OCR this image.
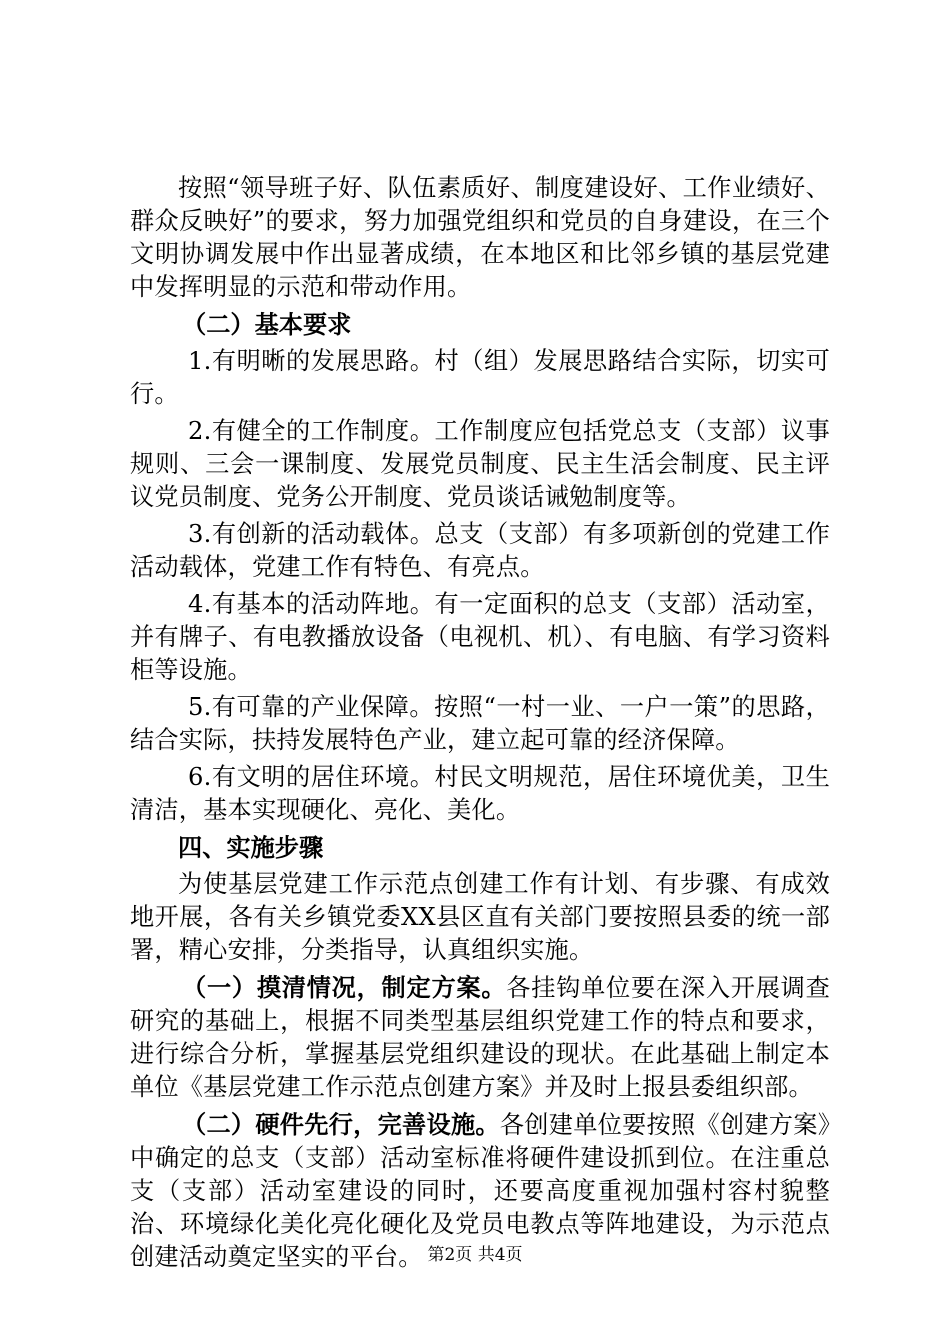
按照“领导班子好、队伍素质好、制度建设好、工作业绩好、群众反映好”的要求，努力加强党组织和党员的自身建设，在三个文明协调发展中作出显著成绩，在本地区和比邻乡镇的基层党建中发挥明显的示范和带动作用。

（二）基本要求

1.有明晰的发展思路。村（组）发展思路结合实际，切实可行。

2.有健全的工作制度。工作制度应包括党总支（支部）议事规则、三会一课制度、发展党员制度、民主生活会制度、民主评议党员制度、党务公开制度、党员谈话诫勉制度等。

3.有创新的活动载体。总支（支部）有多项新创的党建工作活动载体，党建工作有特色、有亮点。

4.有基本的活动阵地。有一定面积的总支（支部）活动室，并有牌子、有电教播放设备（电视机、机）、有电脑、有学习资料柜等设施。

5.有可靠的产业保障。按照“一村一业、一户一策”的思路，结合实际，扶持发展特色产业，建立起可靠的经济保障。

6.有文明的居住环境。村民文明规范，居住环境优美，卫生清洁，基本实现硬化、亮化、美化。

四、实施步骤

为使基层党建工作示范点创建工作有计划、有步骤、有成效地开展，各有关乡镇党委XX县区直有关部门要按照县委的统一部署，精心安排，分类指导，认真组织实施。

（一）摸清情况，制定方案。各挂钩单位要在深入开展调查研究的基础上，根据不同类型基层组织党建工作的特点和要求，进行综合分析，掌握基层党组织建设的现状。在此基础上制定本单位《基层党建工作示范点创建方案》并及时上报县委组织部。

（二）硬件先行，完善设施。各创建单位要按照《创建方案》中确定的总支（支部）活动室标准将硬件建设抓到位。在注重总支（支部）活动室建设的同时，还要高度重视加强村容村貌整治、环境绿化美化亮化硬化及党员电教点等阵地建设，为示范点创建活动奠定坚实的平台。 第2页 共4页
